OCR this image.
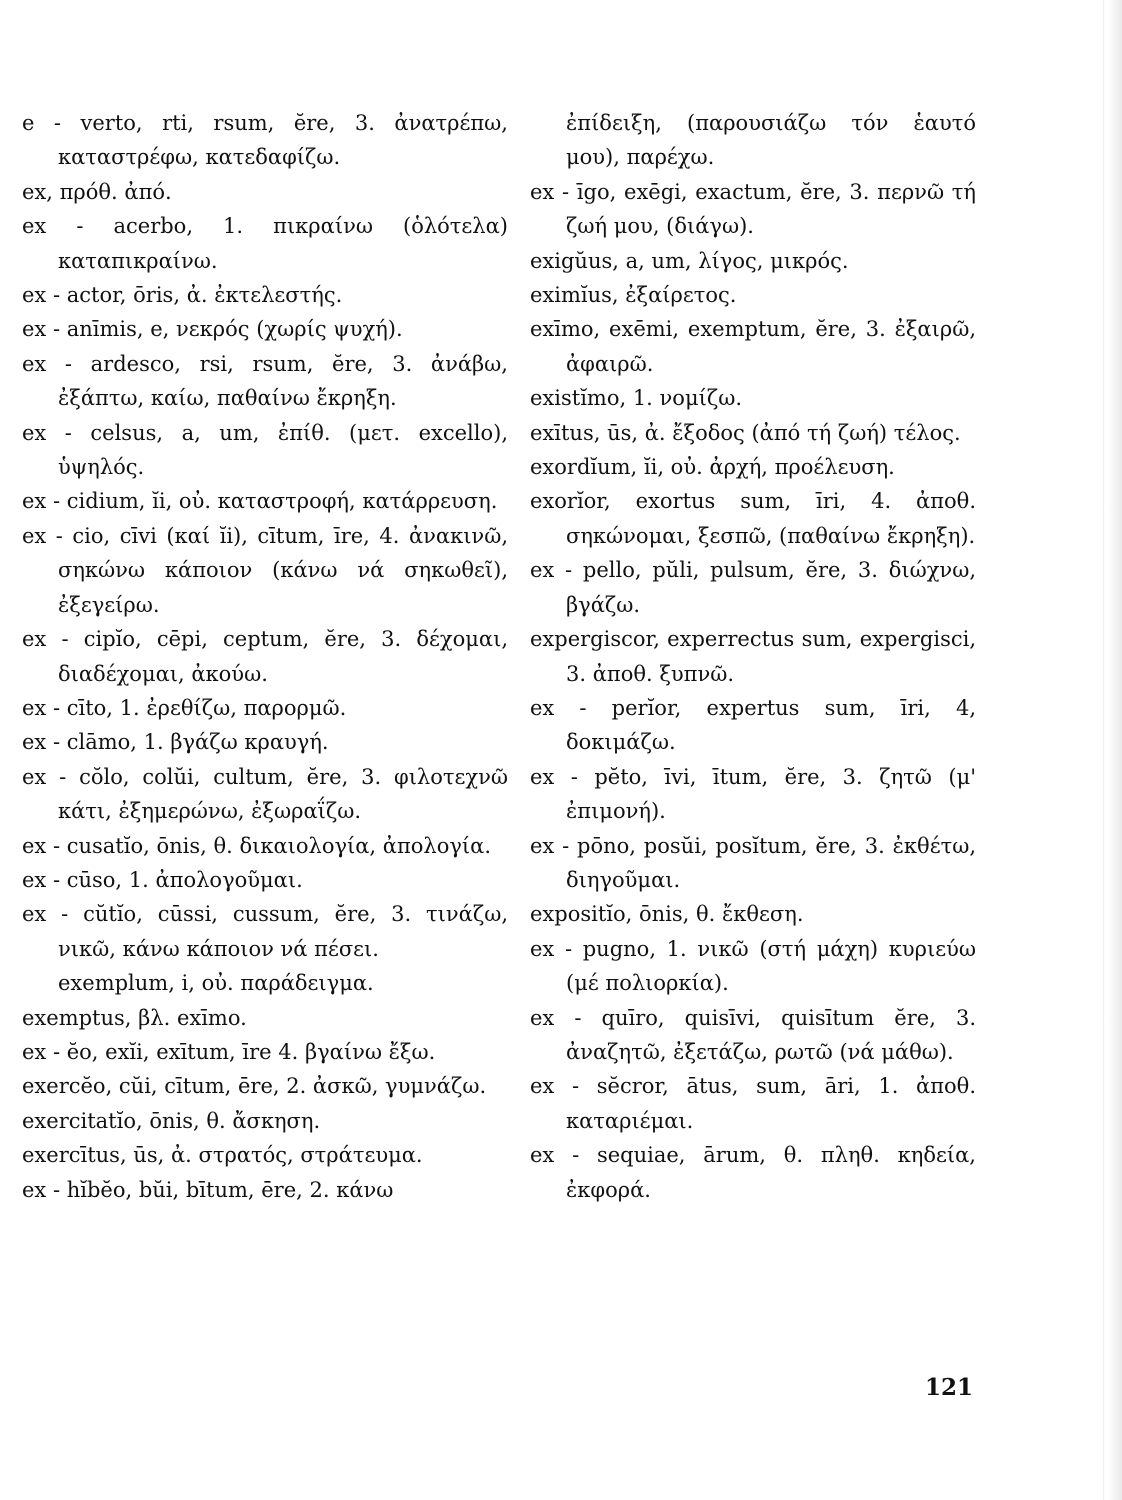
e - verto, rti, rsum, ĕre, 3. ἀνατρέπω, καταστρέφω, κατεδαφίζω.
ex, πρόθ. ἀπό.
ex - acerbo, 1. πικραίνω (ὁλότελα) καταπικραίνω.
ex - actor, ōris, ἀ. ἐκτελεστής.
ex - anīmis, e, νεκρός (χωρίς ψυχή).
ex - ardesco, rsi, rsum, ĕre, 3. ἀνάβω, ἐξάπτω, καίω, παθαίνω ἔκρηξη.
ex - celsus, a, um, ἐπίθ. (μετ. excello), ὑψηλός.
ex - cidium, ĭi, οὐ. καταστροφή, κατάρρευση.
ex - cio, cīvi (καί ĭi), cītum, īre, 4. ἀνακινῶ, σηκώνω κάποιον (κάνω νά σηκωθεῖ), ἐξεγείρω.
ex - cipĭo, cēpi, ceptum, ĕre, 3. δέχομαι, διαδέχομαι, ἀκούω.
ex - cīto, 1. ἐρεθίζω, παρορμῶ.
ex - clāmo, 1. βγάζω κραυγή.
ex - cŏlo, colŭi, cultum, ĕre, 3. φιλοτεχνῶ κάτι, ἐξημερώνω, ἐξωραΐζω.
ex - cusatĭo, ōnis, θ. δικαιολογία, ἀπολογία.
ex - cūso, 1. ἀπολογοῦμαι.
ex - cŭtĭo, cūssi, cussum, ĕre, 3. τινάζω, νικῶ, κάνω κάποιον νά πέσει.
exemplum, i, οὐ. παράδειγμα.
exemptus, βλ. exīmo.
ex - ĕo, exĭi, exītum, īre 4. βγαίνω ἔξω.
exercĕo, cŭi, cītum, ēre, 2. ἀσκῶ, γυμνάζω.
exercitatĭo, ōnis, θ. ἄσκηση.
exercītus, ūs, ἀ. στρατός, στράτευμα.
ex - hĭbĕo, bŭi, bītum, ēre, 2. κάνω
ἐπίδειξη, (παρουσιάζω τόν ἑαυτό μου), παρέχω.
ex - īgo, exēgi, exactum, ĕre, 3. περνῶ τή ζωή μου, (διάγω).
exigŭus, a, um, λίγος, μικρός.
eximĭus, ἐξαίρετος.
exīmo, exēmi, exemptum, ĕre, 3. ἐξαιρῶ, ἀφαιρῶ.
existĭmo, 1. νομίζω.
exītus, ūs, ἀ. ἔξοδος (ἀπό τή ζωή) τέλος.
exordĭum, ĭi, οὐ. ἀρχή, προέλευση.
exorĭor, exortus sum, īri, 4. ἀποθ. σηκώνομαι, ξεσπῶ, (παθαίνω ἔκρηξη).
ex - pello, pŭli, pulsum, ĕre, 3. διώχνω, βγάζω.
expergiscor, experrectus sum, expergisci, 3. ἀποθ. ξυπνῶ.
ex - perĭor, expertus sum, īri, 4, δοκιμάζω.
ex - pĕto, īvi, ītum, ĕre, 3. ζητῶ (μ' ἐπιμονή).
ex - pōno, posŭi, posĭtum, ĕre, 3. ἐκθέτω, διηγοῦμαι.
expositĭo, ōnis, θ. ἔκθεση.
ex - pugno, 1. νικῶ (στή μάχη) κυριεύω (μέ πολιορκία).
ex - quīro, quisīvi, quisītum ĕre, 3. ἀναζητῶ, ἐξετάζω, ρωτῶ (νά μάθω).
ex - sĕcror, ātus, sum, āri, 1. ἀποθ. καταριέμαι.
ex - sequiae, ārum, θ. πληθ. κηδεία, ἐκφορά.
121
